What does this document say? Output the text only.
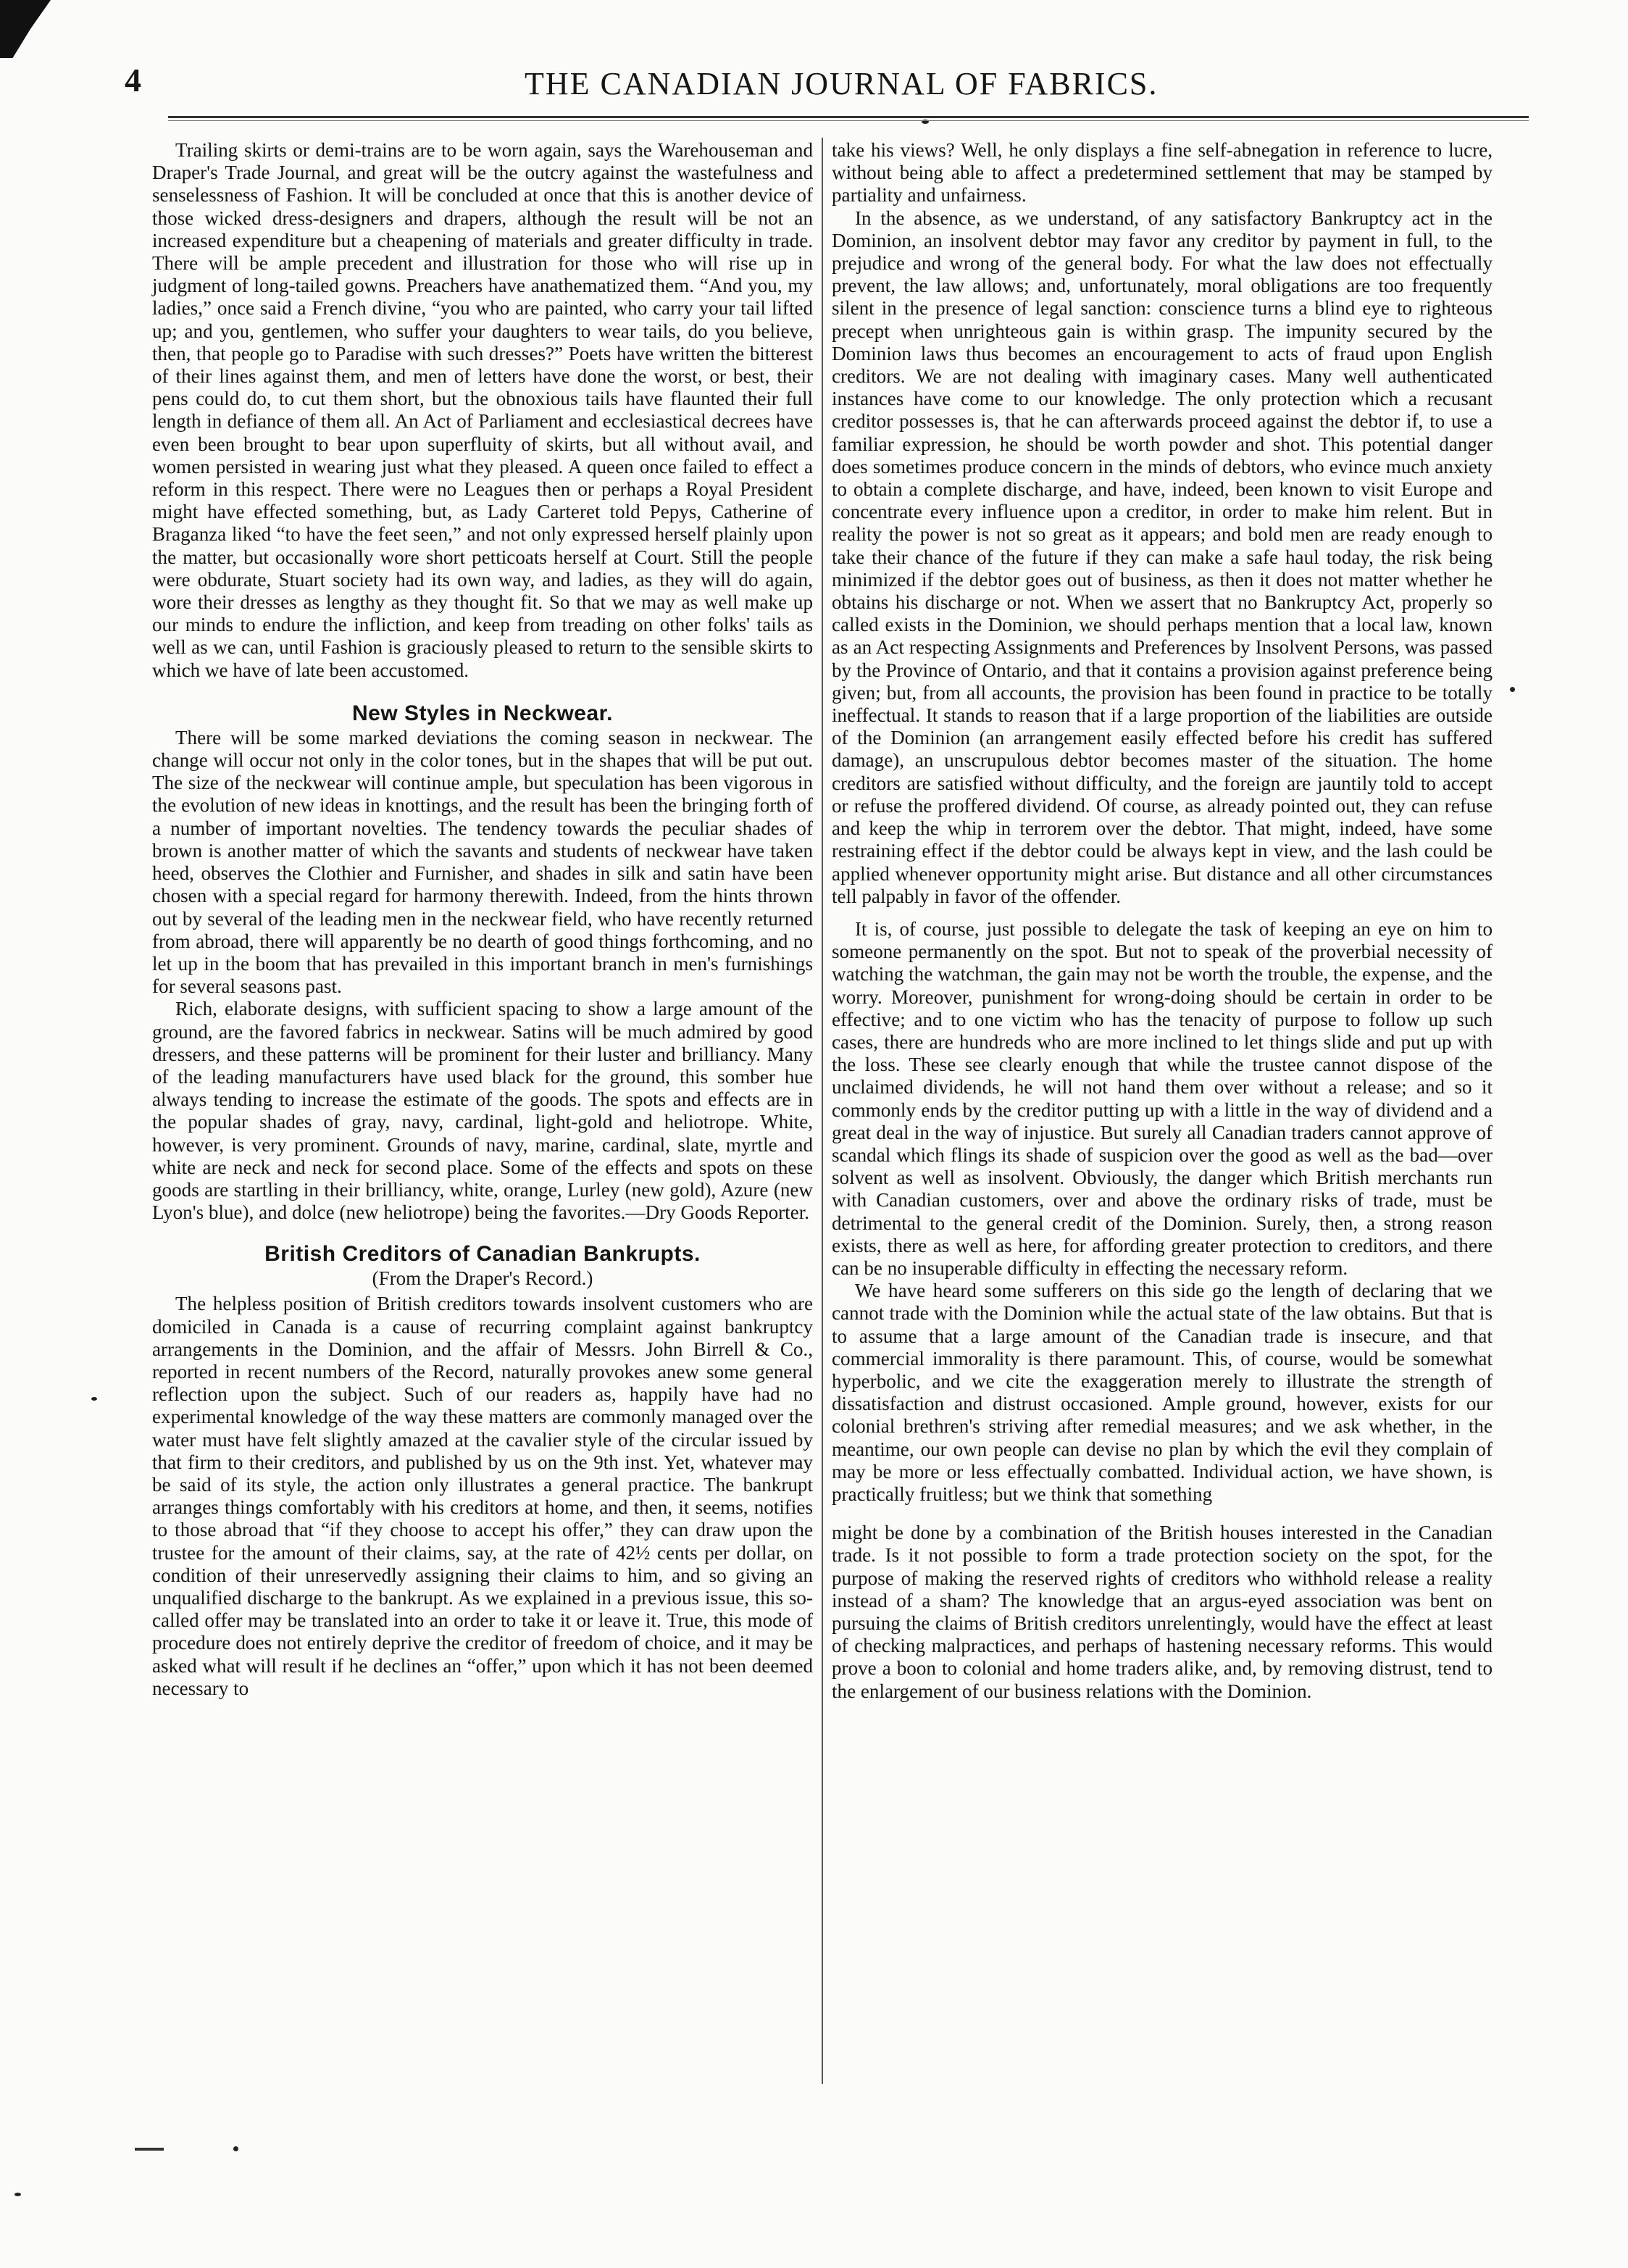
4	THE CANADIAN JOURNAL OF FABRICS.

Trailing skirts or demi-trains are to be worn again, says the Warehouseman and Draper's Trade Journal, and great will be the outcry against the wastefulness and senselessness of Fashion. It will be concluded at once that this is another device of those wicked dress-designers and drapers, although the result will be not an increased expenditure but a cheapening of materials and greater difficulty in trade. There will be ample precedent and illustration for those who will rise up in judgment of long-tailed gowns. Preachers have anathematized them. “And you, my ladies,” once said a French divine, “you who are painted, who carry your tail lifted up; and you, gentlemen, who suffer your daughters to wear tails, do you believe, then, that people go to Paradise with such dresses?” Poets have written the bitterest of their lines against them, and men of letters have done the worst, or best, their pens could do, to cut them short, but the obnoxious tails have flaunted their full length in defiance of them all. An Act of Parliament and ecclesiastical decrees have even been brought to bear upon superfluity of skirts, but all without avail, and women persisted in wearing just what they pleased. A queen once failed to effect a reform in this respect. There were no Leagues then or perhaps a Royal President might have effected something, but, as Lady Carteret told Pepys, Catherine of Braganza liked “to have the feet seen,” and not only expressed herself plainly upon the matter, but occasionally wore short petticoats herself at Court. Still the people were obdurate, Stuart society had its own way, and ladies, as they will do again, wore their dresses as lengthy as they thought fit. So that we may as well make up our minds to endure the infliction, and keep from treading on other folks' tails as well as we can, until Fashion is graciously pleased to return to the sensible skirts to which we have of late been accustomed.

New Styles in Neckwear.

There will be some marked deviations the coming season in neckwear. The change will occur not only in the color tones, but in the shapes that will be put out. The size of the neckwear will continue ample, but speculation has been vigorous in the evolution of new ideas in knottings, and the result has been the bringing forth of a number of important novelties. The tendency towards the peculiar shades of brown is another matter of which the savants and students of neckwear have taken heed, observes the Clothier and Furnisher, and shades in silk and satin have been chosen with a special regard for harmony therewith. Indeed, from the hints thrown out by several of the leading men in the neckwear field, who have recently returned from abroad, there will apparently be no dearth of good things forthcoming, and no let up in the boom that has prevailed in this important branch in men's furnishings for several seasons past.

Rich, elaborate designs, with sufficient spacing to show a large amount of the ground, are the favored fabrics in neckwear. Satins will be much admired by good dressers, and these patterns will be prominent for their luster and brilliancy. Many of the leading manufacturers have used black for the ground, this somber hue always tending to increase the estimate of the goods. The spots and effects are in the popular shades of gray, navy, cardinal, light-gold and heliotrope. White, however, is very prominent. Grounds of navy, marine, cardinal, slate, myrtle and white are neck and neck for second place. Some of the effects and spots on these goods are startling in their brilliancy, white, orange, Lurley (new gold), Azure (new Lyon's blue), and dolce (new heliotrope) being the favorites.—Dry Goods Reporter.

British Creditors of Canadian Bankrupts.

(From the Draper's Record.)

The helpless position of British creditors towards insolvent customers who are domiciled in Canada is a cause of recurring complaint against bankruptcy arrangements in the Dominion, and the affair of Messrs. John Birrell & Co., reported in recent numbers of the Record, naturally provokes anew some general reflection upon the subject. Such of our readers as, happily have had no experimental knowledge of the way these matters are commonly managed over the water must have felt slightly amazed at the cavalier style of the circular issued by that firm to their creditors, and published by us on the 9th inst. Yet, whatever may be said of its style, the action only illustrates a general practice. The bankrupt arranges things comfortably with his creditors at home, and then, it seems, notifies to those abroad that “if they choose to accept his offer,” they can draw upon the trustee for the amount of their claims, say, at the rate of 42½ cents per dollar, on condition of their unreservedly assigning their claims to him, and so giving an unqualified discharge to the bankrupt. As we explained in a previous issue, this so-called offer may be translated into an order to take it or leave it. True, this mode of procedure does not entirely deprive the creditor of freedom of choice, and it may be asked what will result if he declines an “offer,” upon which it has not been deemed necessary to

take his views? Well, he only displays a fine self-abnegation in reference to lucre, without being able to affect a predetermined settlement that may be stamped by partiality and unfairness.

In the absence, as we understand, of any satisfactory Bankruptcy act in the Dominion, an insolvent debtor may favor any creditor by payment in full, to the prejudice and wrong of the general body. For what the law does not effectually prevent, the law allows; and, unfortunately, moral obligations are too frequently silent in the presence of legal sanction: conscience turns a blind eye to righteous precept when unrighteous gain is within grasp. The impunity secured by the Dominion laws thus becomes an encouragement to acts of fraud upon English creditors. We are not dealing with imaginary cases. Many well authenticated instances have come to our knowledge. The only protection which a recusant creditor possesses is, that he can afterwards proceed against the debtor if, to use a familiar expression, he should be worth powder and shot. This potential danger does sometimes produce concern in the minds of debtors, who evince much anxiety to obtain a complete discharge, and have, indeed, been known to visit Europe and concentrate every influence upon a creditor, in order to make him relent. But in reality the power is not so great as it appears; and bold men are ready enough to take their chance of the future if they can make a safe haul today, the risk being minimized if the debtor goes out of business, as then it does not matter whether he obtains his discharge or not. When we assert that no Bankruptcy Act, properly so called exists in the Dominion, we should perhaps mention that a local law, known as an Act respecting Assignments and Preferences by Insolvent Persons, was passed by the Province of Ontario, and that it contains a provision against preference being given; but, from all accounts, the provision has been found in practice to be totally ineffectual. It stands to reason that if a large proportion of the liabilities are outside of the Dominion (an arrangement easily effected before his credit has suffered damage), an unscrupulous debtor becomes master of the situation. The home creditors are satisfied without difficulty, and the foreign are jauntily told to accept or refuse the proffered dividend. Of course, as already pointed out, they can refuse and keep the whip in terrorem over the debtor. That might, indeed, have some restraining effect if the debtor could be always kept in view, and the lash could be applied whenever opportunity might arise. But distance and all other circumstances tell palpably in favor of the offender.

It is, of course, just possible to delegate the task of keeping an eye on him to someone permanently on the spot. But not to speak of the proverbial necessity of watching the watchman, the gain may not be worth the trouble, the expense, and the worry. Moreover, punishment for wrong-doing should be certain in order to be effective; and to one victim who has the tenacity of purpose to follow up such cases, there are hundreds who are more inclined to let things slide and put up with the loss. These see clearly enough that while the trustee cannot dispose of the unclaimed dividends, he will not hand them over without a release; and so it commonly ends by the creditor putting up with a little in the way of dividend and a great deal in the way of injustice. But surely all Canadian traders cannot approve of scandal which flings its shade of suspicion over the good as well as the bad—over solvent as well as insolvent. Obviously, the danger which British merchants run with Canadian customers, over and above the ordinary risks of trade, must be detrimental to the general credit of the Dominion. Surely, then, a strong reason exists, there as well as here, for affording greater protection to creditors, and there can be no insuperable difficulty in effecting the necessary reform.

We have heard some sufferers on this side go the length of declaring that we cannot trade with the Dominion while the actual state of the law obtains. But that is to assume that a large amount of the Canadian trade is insecure, and that commercial immorality is there paramount. This, of course, would be somewhat hyperbolic, and we cite the exaggeration merely to illustrate the strength of dissatisfaction and distrust occasioned. Ample ground, however, exists for our colonial brethren's striving after remedial measures; and we ask whether, in the meantime, our own people can devise no plan by which the evil they complain of may be more or less effectually combatted. Individual action, we have shown, is practically fruitless; but we think that something

might be done by a combination of the British houses interested in the Canadian trade. Is it not possible to form a trade protection society on the spot, for the purpose of making the reserved rights of creditors who withhold release a reality instead of a sham? The knowledge that an argus-eyed association was bent on pursuing the claims of British creditors unrelentingly, would have the effect at least of checking malpractices, and perhaps of hastening necessary reforms. This would prove a boon to colonial and home traders alike, and, by removing distrust, tend to the enlargement of our business relations with the Dominion.
